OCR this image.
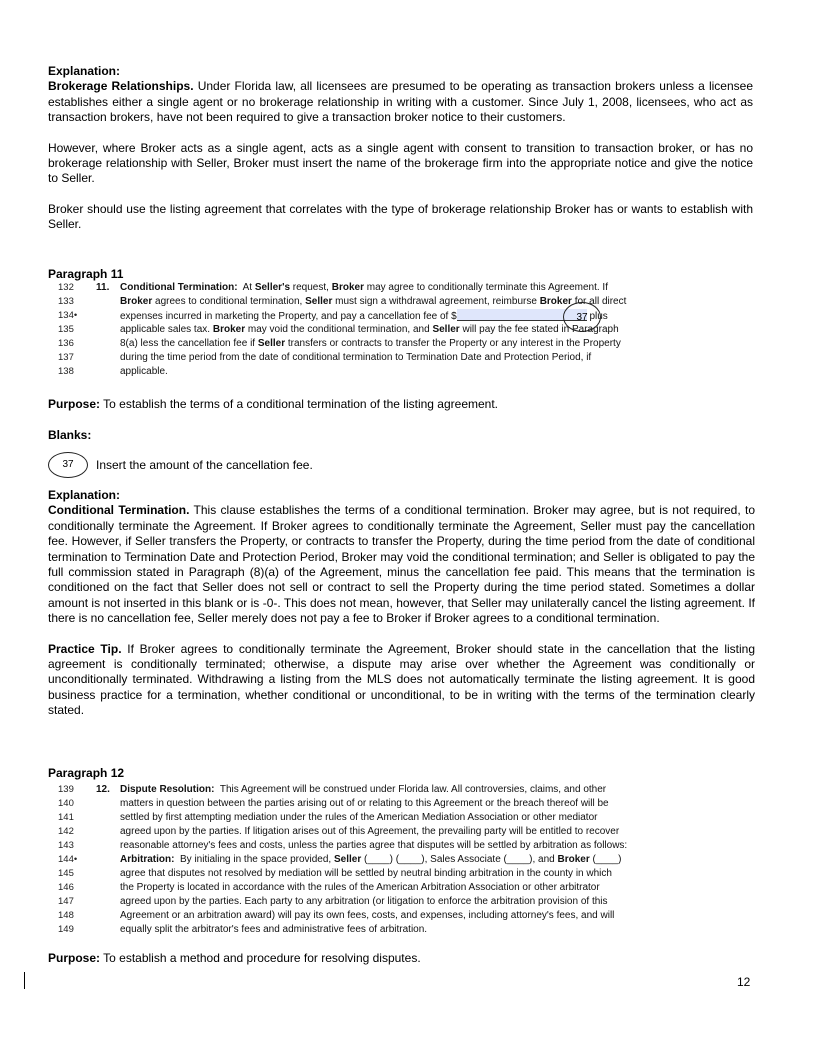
Explanation:

Brokerage Relationships. Under Florida law, all licensees are presumed to be operating as transaction brokers unless a licensee establishes either a single agent or no brokerage relationship in writing with a customer. Since July 1, 2008, licensees, who act as transaction brokers, have not been required to give a transaction broker notice to their customers.

However, where Broker acts as a single agent, acts as a single agent with consent to transition to transaction broker, or has no brokerage relationship with Seller, Broker must insert the name of the brokerage firm into the appropriate notice and give the notice to Seller.

Broker should use the listing agreement that correlates with the type of brokerage relationship Broker has or wants to establish with Seller.

Paragraph 11

132	11. Conditional Termination:  At Seller's request, Broker may agree to conditionally terminate this Agreement. If
133	Broker agrees to conditional termination, Seller must sign a withdrawal agreement, reimburse Broker for all direct
134•	expenses incurred in marketing the Property, and pay a cancellation fee of $	plus
135	applicable sales tax. Broker may void the conditional termination, and Seller will pay the fee stated in Paragraph
136	8(a) less the cancellation fee if Seller transfers or contracts to transfer the Property or any interest in the Property
137	during the time period from the date of conditional termination to Termination Date and Protection Period, if
138	applicable.
37

Purpose: To establish the terms of a conditional termination of the listing agreement.

Blanks:

37	Insert the amount of the cancellation fee.

Explanation:

Conditional Termination. This clause establishes the terms of a conditional termination. Broker may agree, but is not required, to conditionally terminate the Agreement. If Broker agrees to conditionally terminate the Agreement, Seller must pay the cancellation fee. However, if Seller transfers the Property, or contracts to transfer the Property, during the time period from the date of conditional termination to Termination Date and Protection Period, Broker may void the conditional termination; and Seller is obligated to pay the full commission stated in Paragraph (8)(a) of the Agreement, minus the cancellation fee paid. This means that the termination is conditioned on the fact that Seller does not sell or contract to sell the Property during the time period stated. Sometimes a dollar amount is not inserted in this blank or is -0-. This does not mean, however, that Seller may unilaterally cancel the listing agreement. If there is no cancellation fee, Seller merely does not pay a fee to Broker if Broker agrees to a conditional termination.

Practice Tip. If Broker agrees to conditionally terminate the Agreement, Broker should state in the cancellation that the listing agreement is conditionally terminated; otherwise, a dispute may arise over whether the Agreement was conditionally or unconditionally terminated. Withdrawing a listing from the MLS does not automatically terminate the listing agreement. It is good business practice for a termination, whether conditional or unconditional, to be in writing with the terms of the termination clearly stated.

Paragraph 12

139	12. Dispute Resolution:  This Agreement will be construed under Florida law. All controversies, claims, and other
140	matters in question between the parties arising out of or relating to this Agreement or the breach thereof will be
141	settled by first attempting mediation under the rules of the American Mediation Association or other mediator
142	agreed upon by the parties. If litigation arises out of this Agreement, the prevailing party will be entitled to recover
143	reasonable attorney's fees and costs, unless the parties agree that disputes will be settled by arbitration as follows:
144•	Arbitration:  By initialing in the space provided, Seller (____) (____), Sales Associate (____), and Broker (____)
145	agree that disputes not resolved by mediation will be settled by neutral binding arbitration in the county in which
146	the Property is located in accordance with the rules of the American Arbitration Association or other arbitrator
147	agreed upon by the parties. Each party to any arbitration (or litigation to enforce the arbitration provision of this
148	Agreement or an arbitration award) will pay its own fees, costs, and expenses, including attorney's fees, and will
149	equally split the arbitrator's fees and administrative fees of arbitration.

Purpose: To establish a method and procedure for resolving disputes.

12
